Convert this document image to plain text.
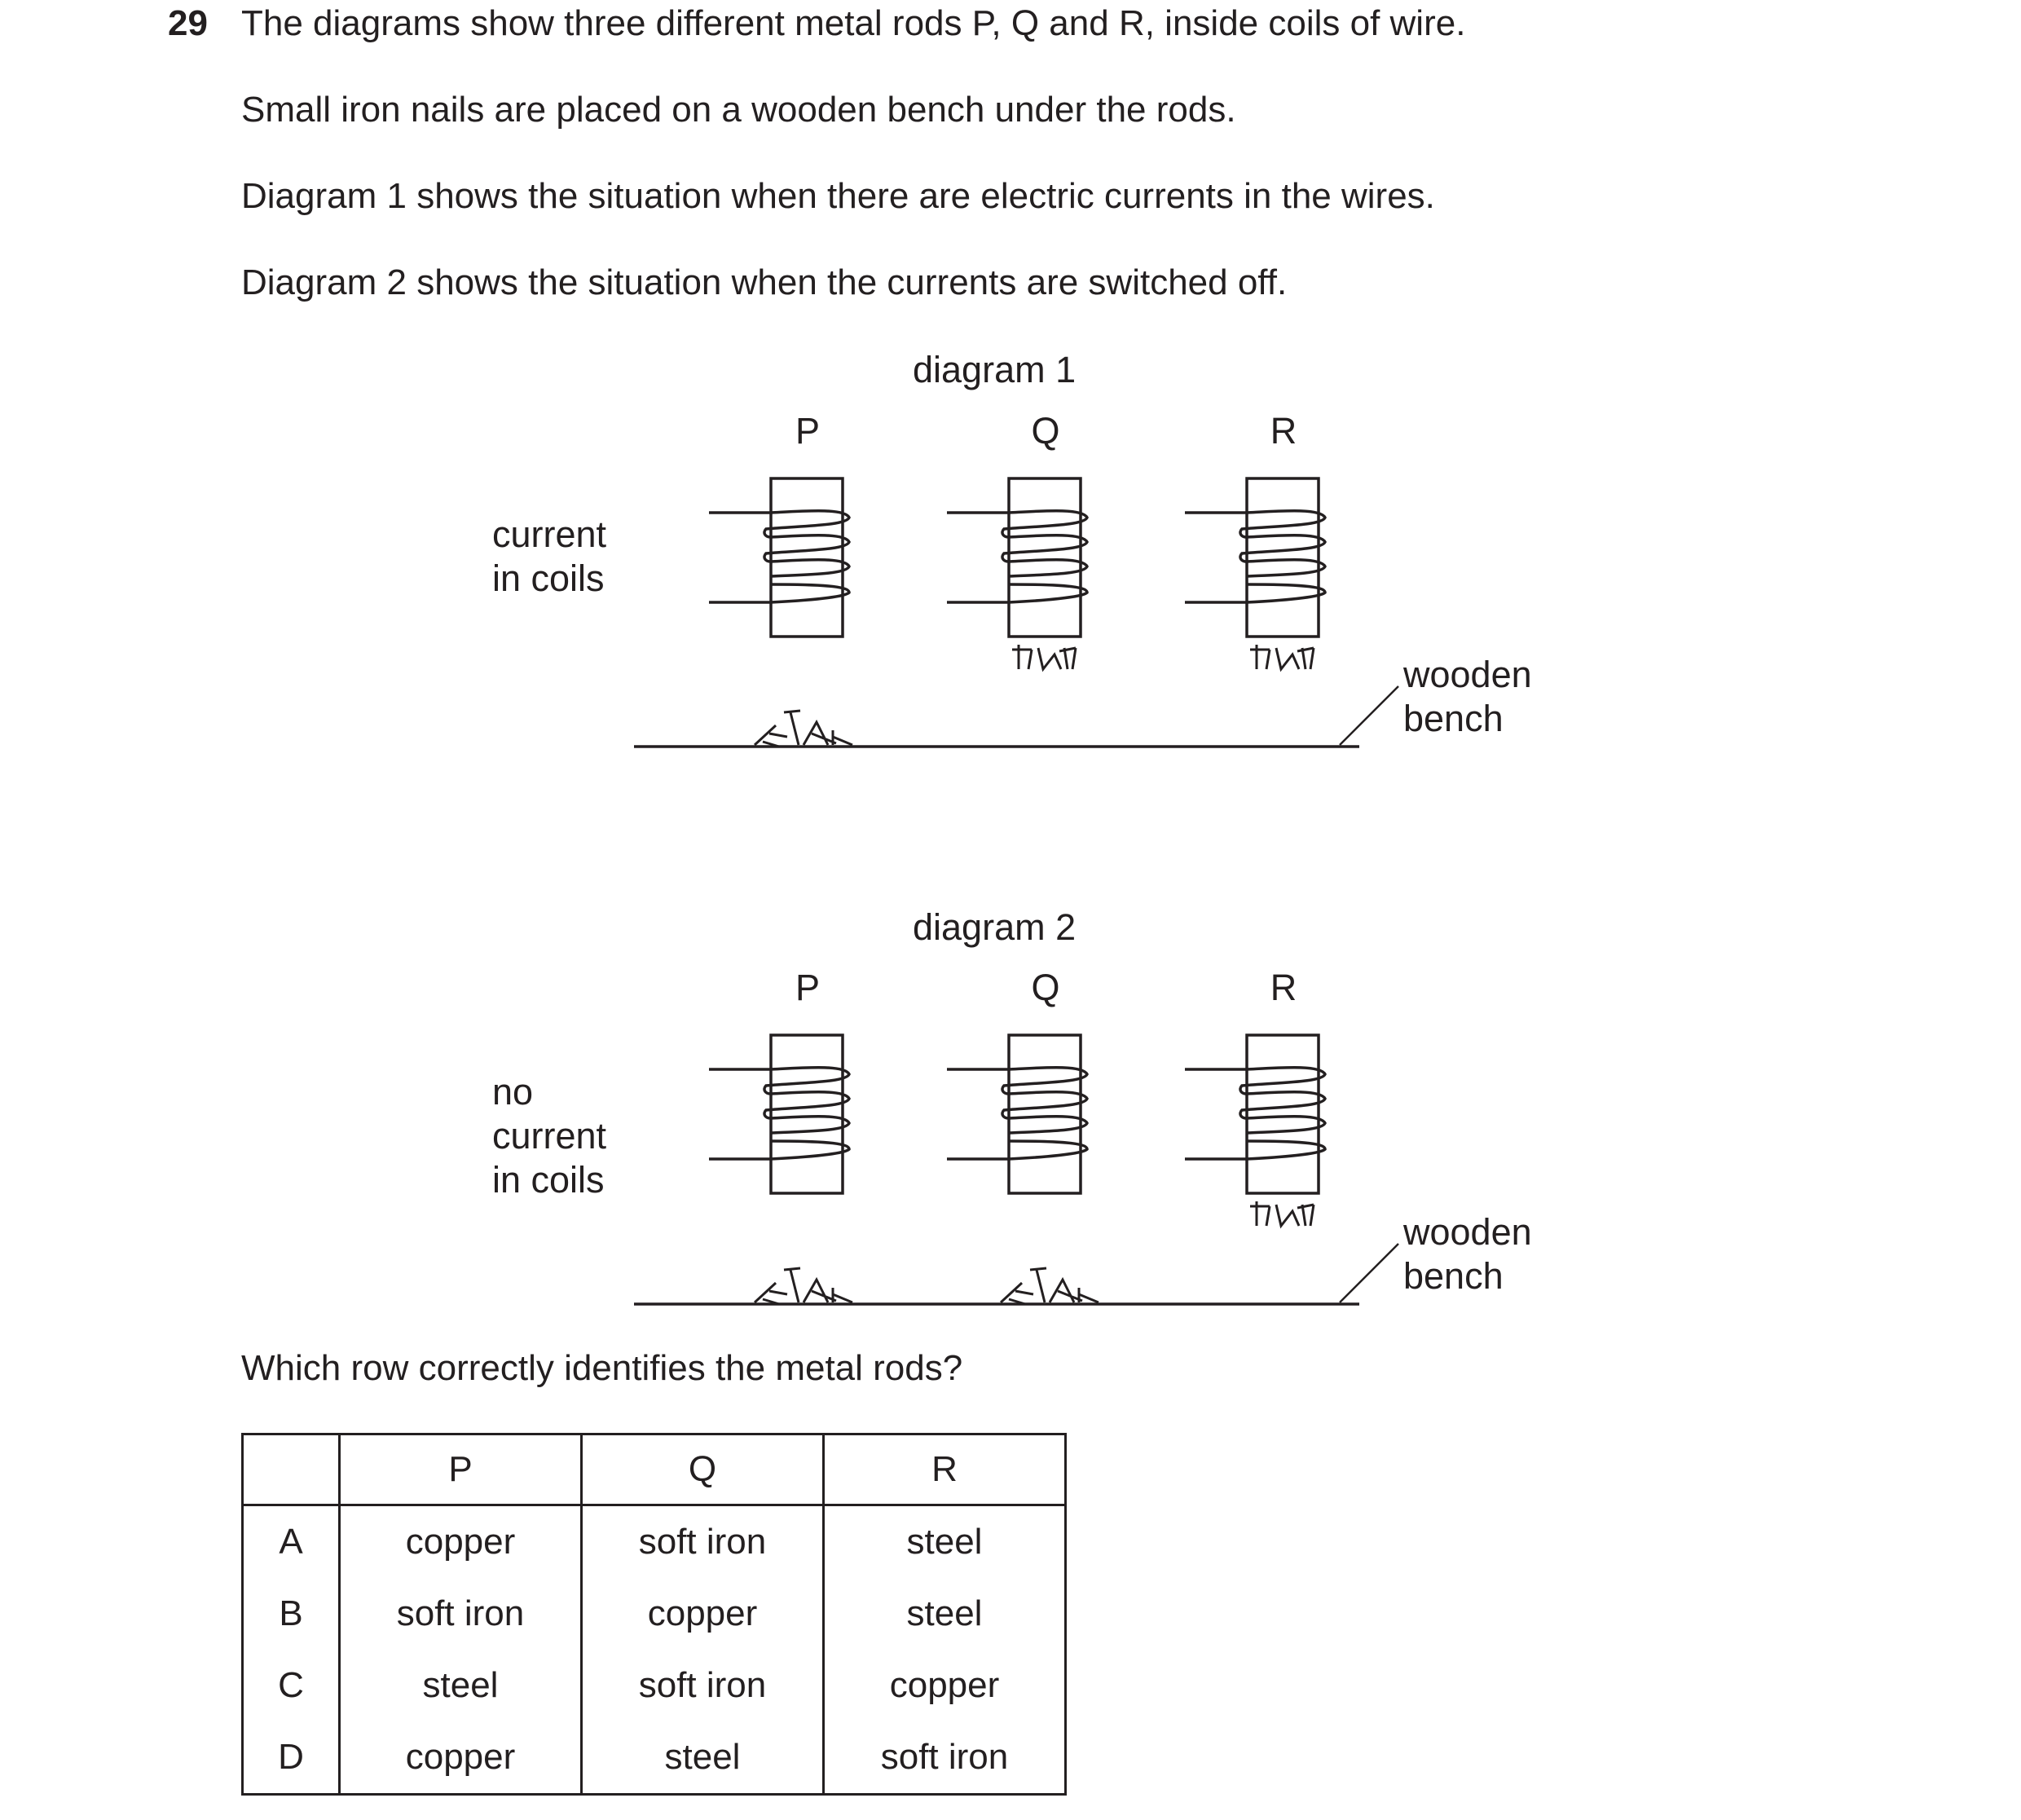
29 The diagrams show three different metal rods P, Q and R, inside coils of wire.
Small iron nails are placed on a wooden bench under the rods.
Diagram 1 shows the situation when there are electric currents in the wires.
Diagram 2 shows the situation when the currents are switched off.
diagram 1
P	Q	R
current
in coils
wooden
bench
diagram 2
P	Q	R
no
current
in coils
wooden
bench
Which row correctly identifies the metal rods?
	P	Q	R
A	copper	soft iron	steel
B	soft iron	copper	steel
C	steel	soft iron	copper
D	copper	steel	soft iron
